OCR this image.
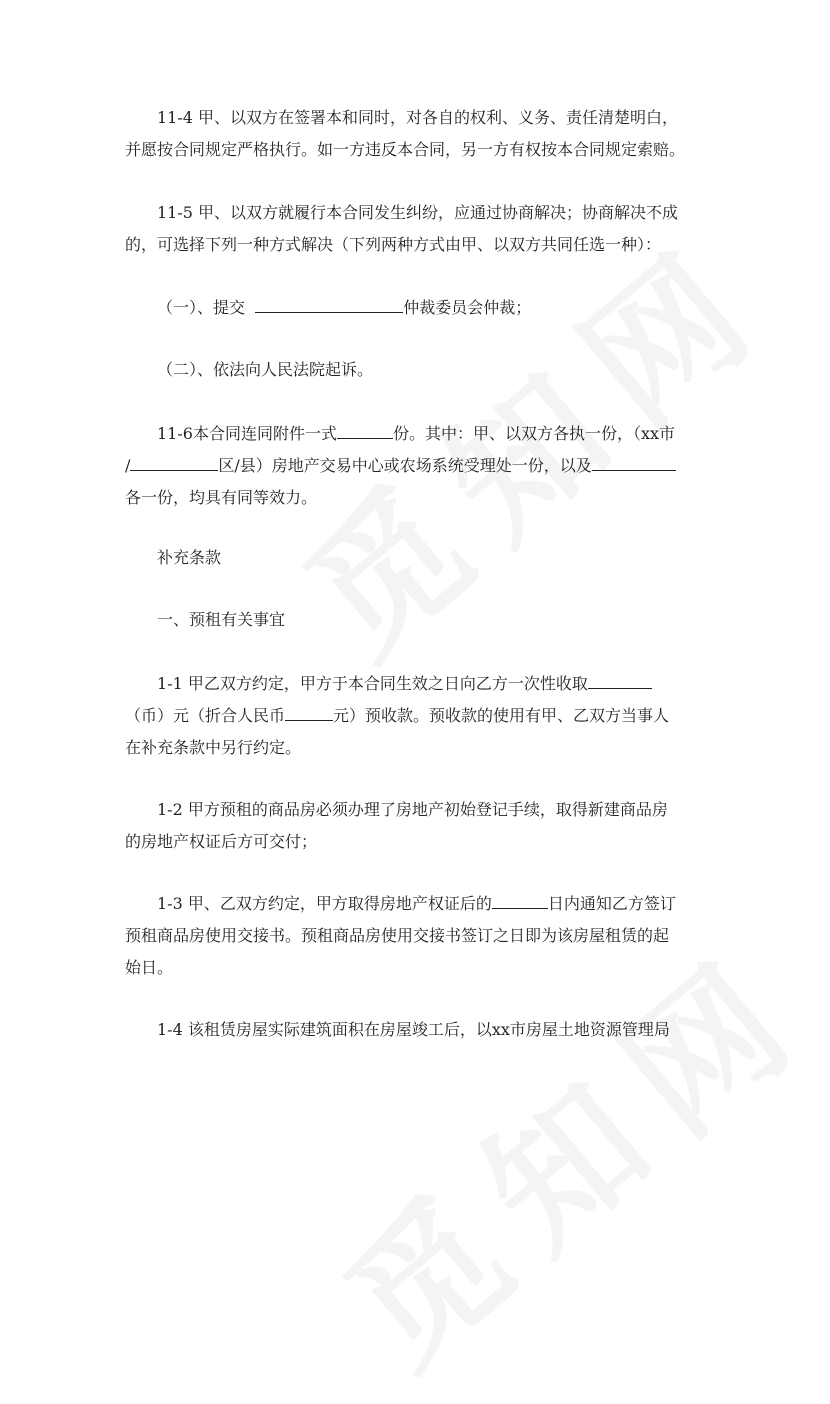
11-4 甲、以双方在签署本和同时，对各自的权利、义务、责任清楚明白，
并愿按合同规定严格执行。如一方违反本合同，另一方有权按本合同规定索赔。
11-5 甲、以双方就履行本合同发生纠纷，应通过协商解决；协商解决不成
的，可选择下列一种方式解决（下列两种方式由甲、以双方共同任选一种）：
（一）、提交	仲裁委员会仲裁；
（二）、依法向人民法院起诉。
11-6本合同连同附件一式	份。其中：甲、以双方各执一份，（xx市
/	区/县）房地产交易中心或农场系统受理处一份，以及
各一份，均具有同等效力。
补充条款
一、预租有关事宜
1-1 甲乙双方约定，甲方于本合同生效之日向乙方一次性收取
（币）元（折合人民币	元）预收款。预收款的使用有甲、乙双方当事人
在补充条款中另行约定。
1-2 甲方预租的商品房必须办理了房地产初始登记手续，取得新建商品房
的房地产权证后方可交付；
1-3 甲、乙双方约定，甲方取得房地产权证后的	日内通知乙方签订
预租商品房使用交接书。预租商品房使用交接书签订之日即为该房屋租赁的起
始日。
1-4 该租赁房屋实际建筑面积在房屋竣工后，以xx市房屋土地资源管理局
